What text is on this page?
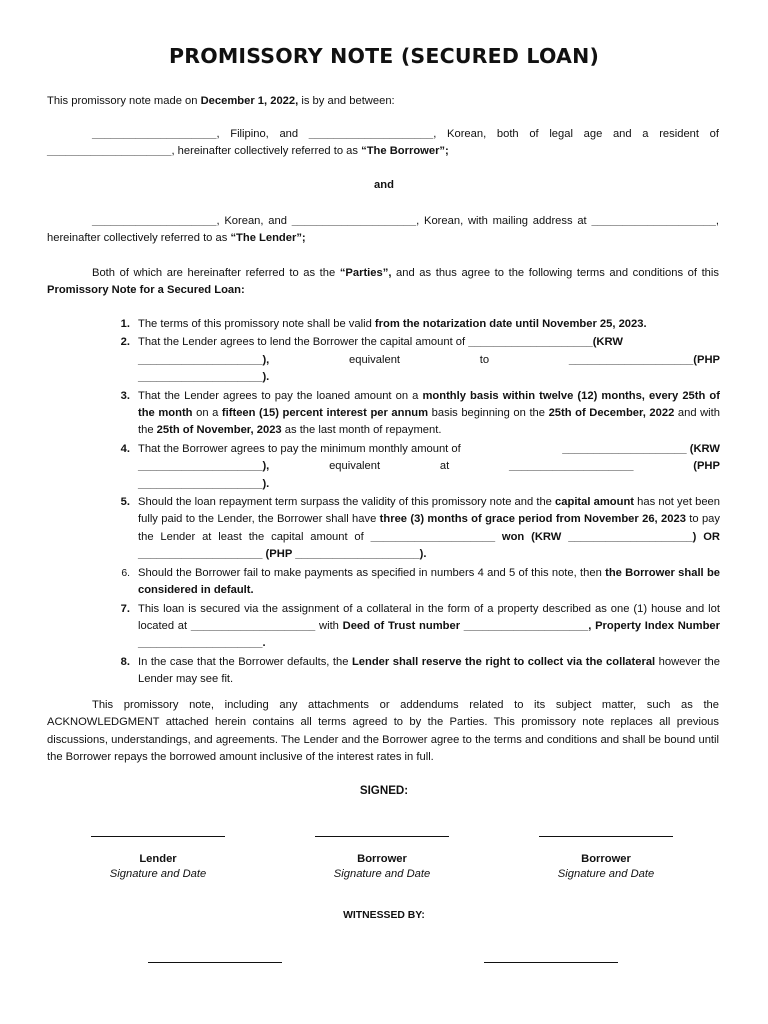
PROMISSORY NOTE (SECURED LOAN)
This promissory note made on December 1, 2022, is by and between:
____________________, Filipino, and ____________________, Korean, both of legal age and a resident of ____________________, hereinafter collectively referred to as “The Borrower”;
and
____________________, Korean, and ____________________, Korean, with mailing address at ____________________, hereinafter collectively referred to as “The Lender”;
Both of which are hereinafter referred to as the “Parties”, and as thus agree to the following terms and conditions of this Promissory Note for a Secured Loan:
1. The terms of this promissory note shall be valid from the notarization date until November 25, 2023.
2. That the Lender agrees to lend the Borrower the capital amount of ____________________(KRW
____________________),	equivalent	to	____________________(PHP
____________________).
3. That the Lender agrees to pay the loaned amount on a monthly basis within twelve (12) months, every 25th of the month on a fifteen (15) percent interest per annum basis beginning on the 25th of December, 2022 and with the 25th of November, 2023 as the last month of repayment.
4. That the Borrower agrees to pay the minimum monthly amount of	____________________
(KRW
____________________),	equivalent	at	____________________	(PHP
____________________).
5. Should the loan repayment term surpass the validity of this promissory note and the capital amount has not yet been fully paid to the Lender, the Borrower shall have three (3) months of grace period from November 26, 2023 to pay the Lender at least the capital amount of ____________________ won (KRW ____________________) OR ____________________ (PHP ____________________).
6. Should the Borrower fail to make payments as specified in numbers 4 and 5 of this note, then the Borrower shall be considered in default.
7. This loan is secured via the assignment of a collateral in the form of a property described as one (1) house and lot located at ____________________ with Deed of Trust number ____________________, Property Index Number ____________________.
8. In the case that the Borrower defaults, the Lender shall reserve the right to collect via the collateral however the Lender may see fit.
This promissory note, including any attachments or addendums related to its subject matter, such as the ACKNOWLEDGMENT attached herein contains all terms agreed to by the Parties. This promissory note replaces all previous discussions, understandings, and agreements. The Lender and the Borrower agree to the terms and conditions and shall be bound until the Borrower repays the borrowed amount inclusive of the interest rates in full.
SIGNED:
Lender
Signature and Date
Borrower
Signature and Date
Borrower
Signature and Date
WITNESSED BY:
